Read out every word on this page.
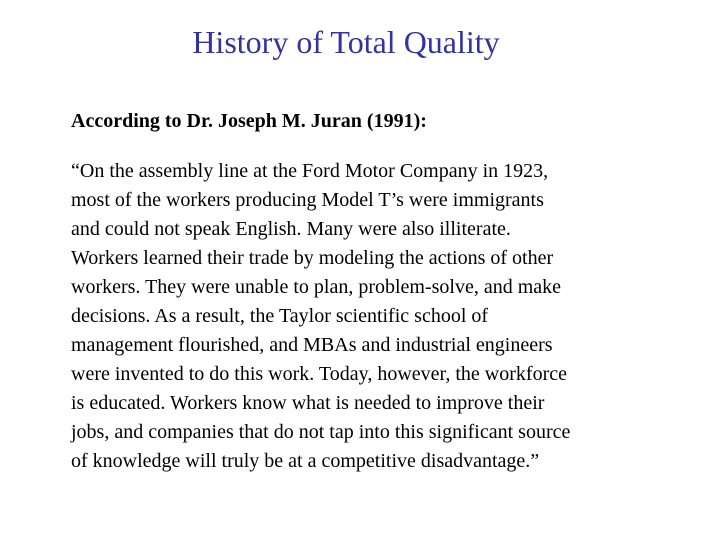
History of Total Quality
According to Dr. Joseph M. Juran (1991):
“On the assembly line at the Ford Motor Company in 1923,
most of the workers producing Model T’s were immigrants
and could not speak English. Many were also illiterate.
Workers learned their trade by modeling the actions of other
workers. They were unable to plan, problem-solve, and make
decisions. As a result, the Taylor scientific school of
management flourished, and MBAs and industrial engineers
were invented to do this work. Today, however, the workforce
is educated. Workers know what is needed to improve their
jobs, and companies that do not tap into this significant source
of knowledge will truly be at a competitive disadvantage.”
